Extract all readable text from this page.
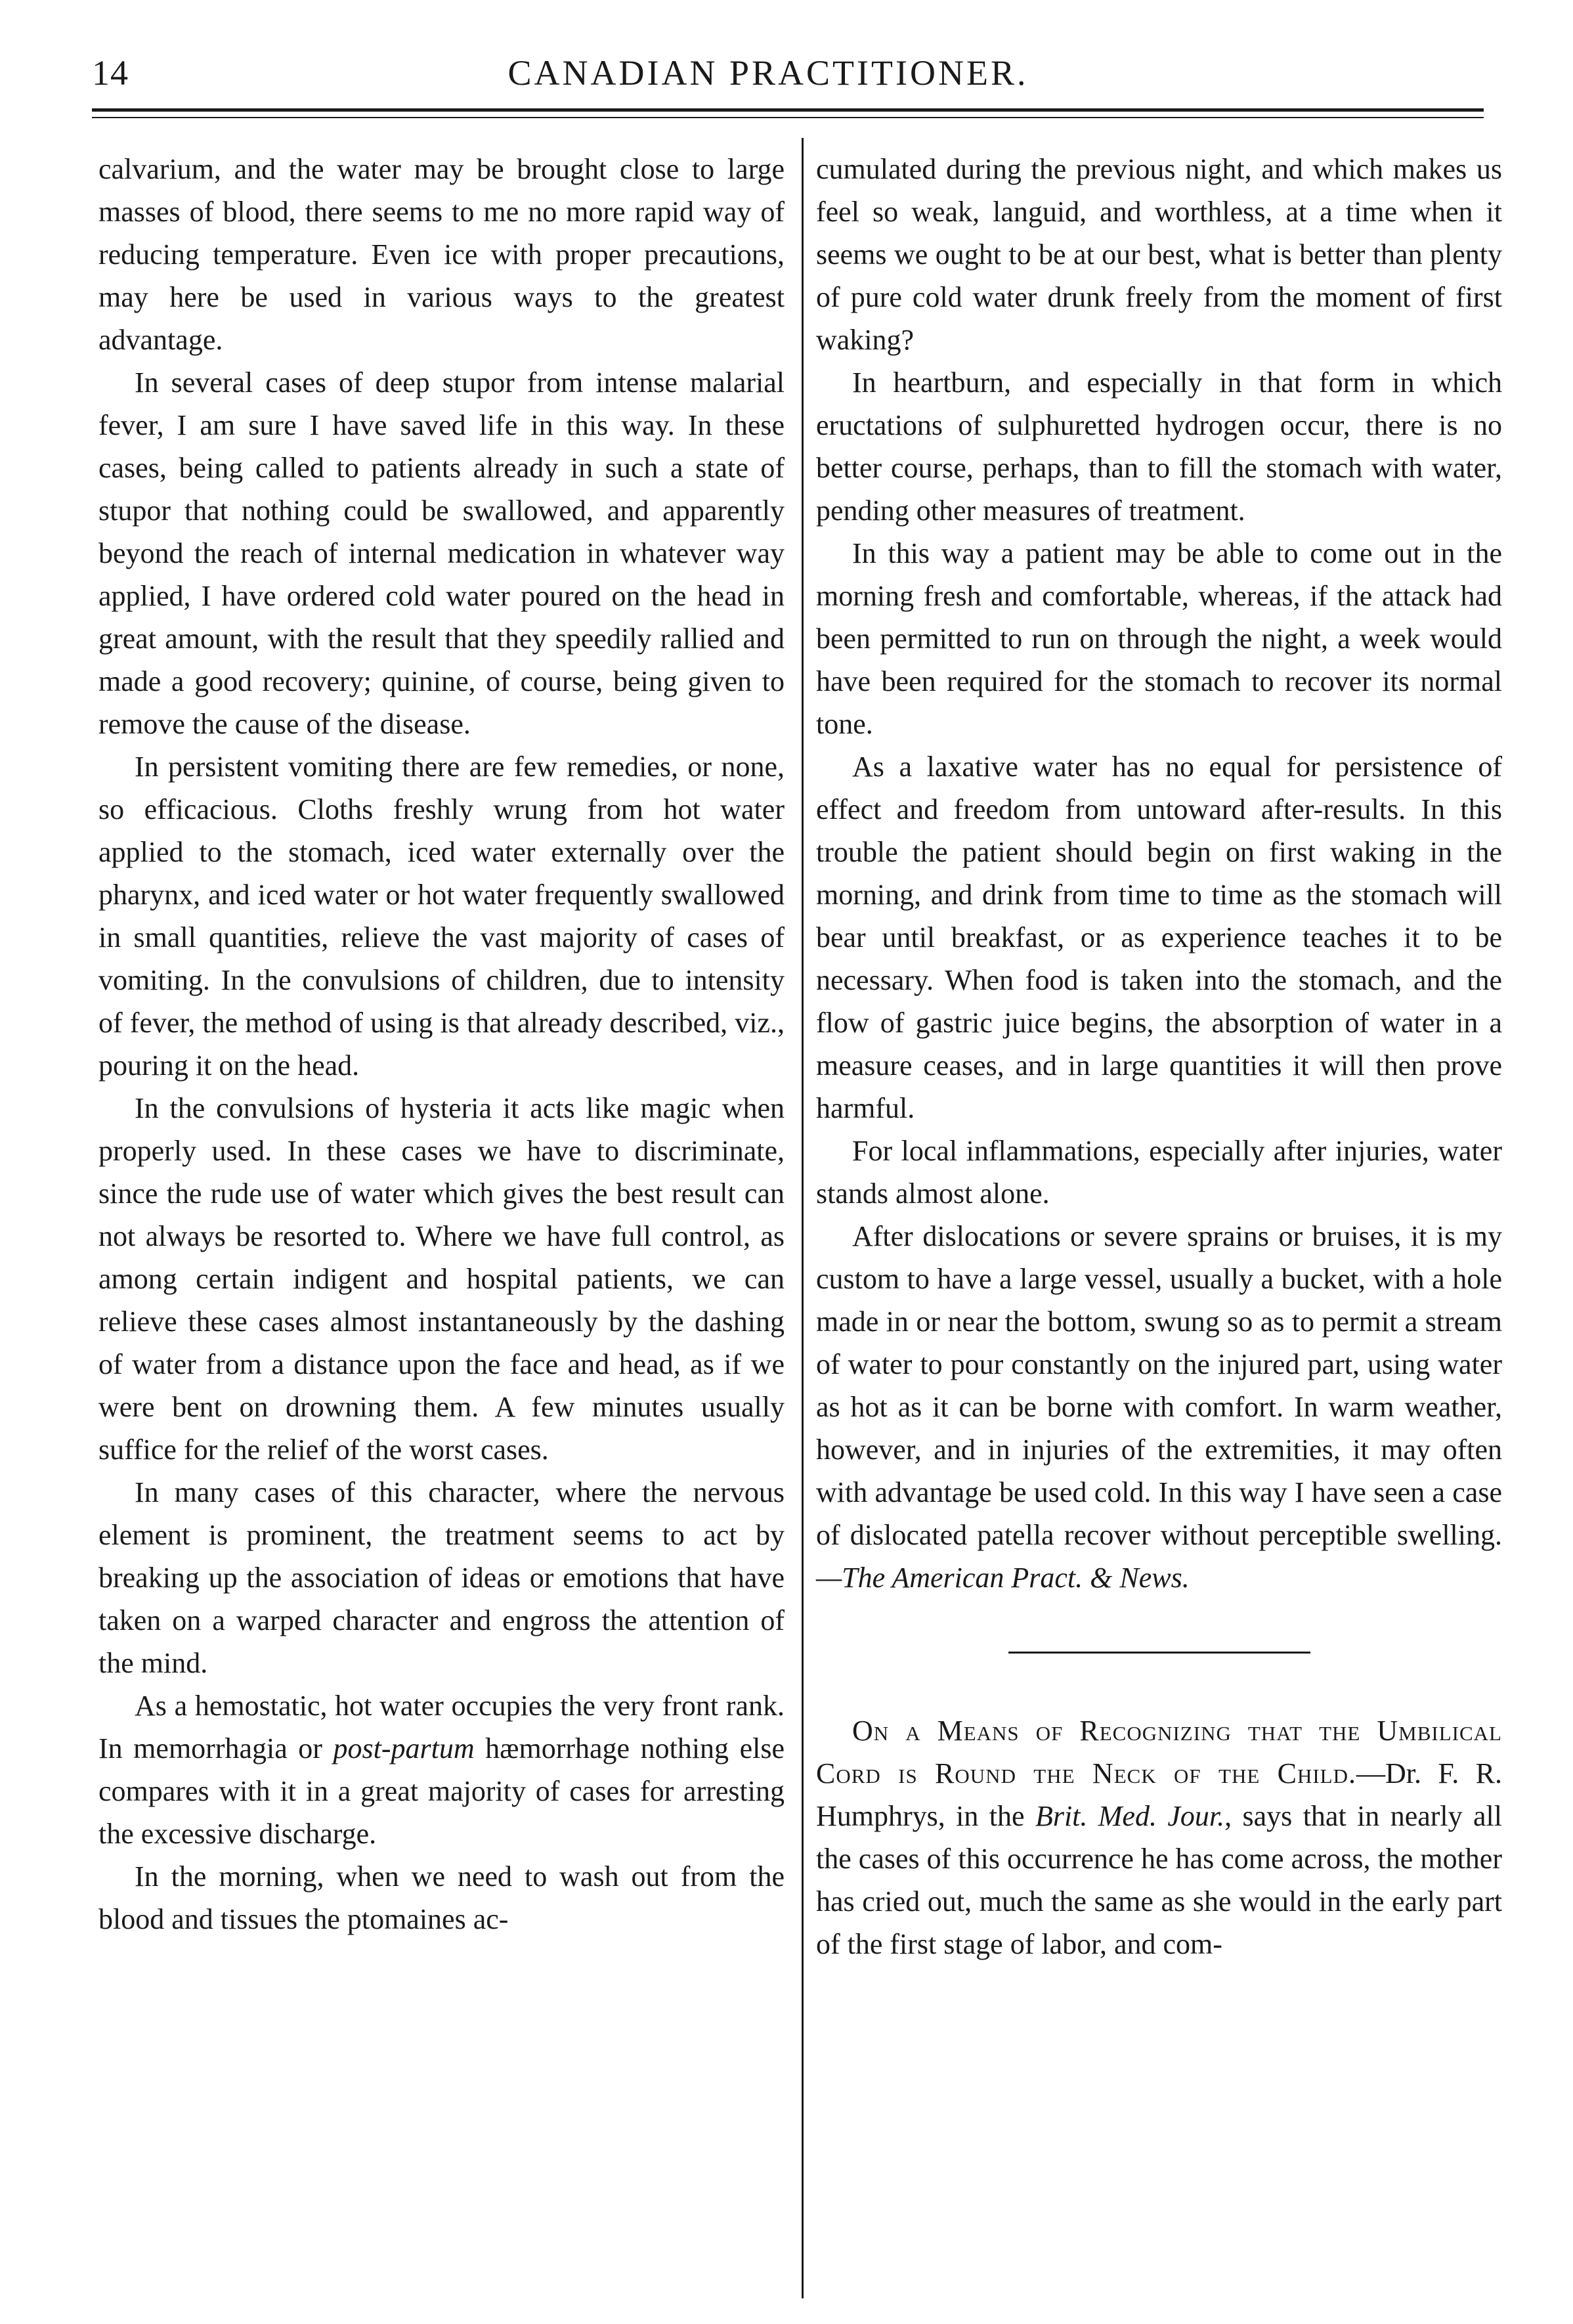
14	CANADIAN PRACTITIONER.

calvarium, and the water may be brought close to large masses of blood, there seems to me no more rapid way of reducing temperature. Even ice with proper precautions, may here be used in various ways to the greatest advantage.

In several cases of deep stupor from intense malarial fever, I am sure I have saved life in this way. In these cases, being called to patients already in such a state of stupor that nothing could be swallowed, and apparently beyond the reach of internal medication in whatever way applied, I have ordered cold water poured on the head in great amount, with the result that they speedily rallied and made a good recovery; quinine, of course, being given to remove the cause of the disease.

In persistent vomiting there are few remedies, or none, so efficacious. Cloths freshly wrung from hot water applied to the stomach, iced water externally over the pharynx, and iced water or hot water frequently swallowed in small quantities, relieve the vast majority of cases of vomiting. In the convulsions of children, due to intensity of fever, the method of using is that already described, viz., pouring it on the head.

In the convulsions of hysteria it acts like magic when properly used. In these cases we have to discriminate, since the rude use of water which gives the best result can not always be resorted to. Where we have full control, as among certain indigent and hospital patients, we can relieve these cases almost instantaneously by the dashing of water from a distance upon the face and head, as if we were bent on drowning them. A few minutes usually suffice for the relief of the worst cases.

In many cases of this character, where the nervous element is prominent, the treatment seems to act by breaking up the association of ideas or emotions that have taken on a warped character and engross the attention of the mind.

As a hemostatic, hot water occupies the very front rank. In memorrhagia or post-partum hæmorrhage nothing else compares with it in a great majority of cases for arresting the excessive discharge.

In the morning, when we need to wash out from the blood and tissues the ptomaines ac-

cumulated during the previous night, and which makes us feel so weak, languid, and worthless, at a time when it seems we ought to be at our best, what is better than plenty of pure cold water drunk freely from the moment of first waking?

In heartburn, and especially in that form in which eructations of sulphuretted hydrogen occur, there is no better course, perhaps, than to fill the stomach with water, pending other measures of treatment.

In this way a patient may be able to come out in the morning fresh and comfortable, whereas, if the attack had been permitted to run on through the night, a week would have been required for the stomach to recover its normal tone.

As a laxative water has no equal for persistence of effect and freedom from untoward after-results. In this trouble the patient should begin on first waking in the morning, and drink from time to time as the stomach will bear until breakfast, or as experience teaches it to be necessary. When food is taken into the stomach, and the flow of gastric juice begins, the absorption of water in a measure ceases, and in large quantities it will then prove harmful.

For local inflammations, especially after injuries, water stands almost alone.

After dislocations or severe sprains or bruises, it is my custom to have a large vessel, usually a bucket, with a hole made in or near the bottom, swung so as to permit a stream of water to pour constantly on the injured part, using water as hot as it can be borne with comfort. In warm weather, however, and in injuries of the extremities, it may often with advantage be used cold. In this way I have seen a case of dislocated patella recover without perceptible swelling.—The American Pract. & News.

On a Means of Recognizing that the Umbilical Cord is Round the Neck of the Child.—Dr. F. R. Humphrys, in the Brit. Med. Jour., says that in nearly all the cases of this occurrence he has come across, the mother has cried out, much the same as she would in the early part of the first stage of labor, and com-
